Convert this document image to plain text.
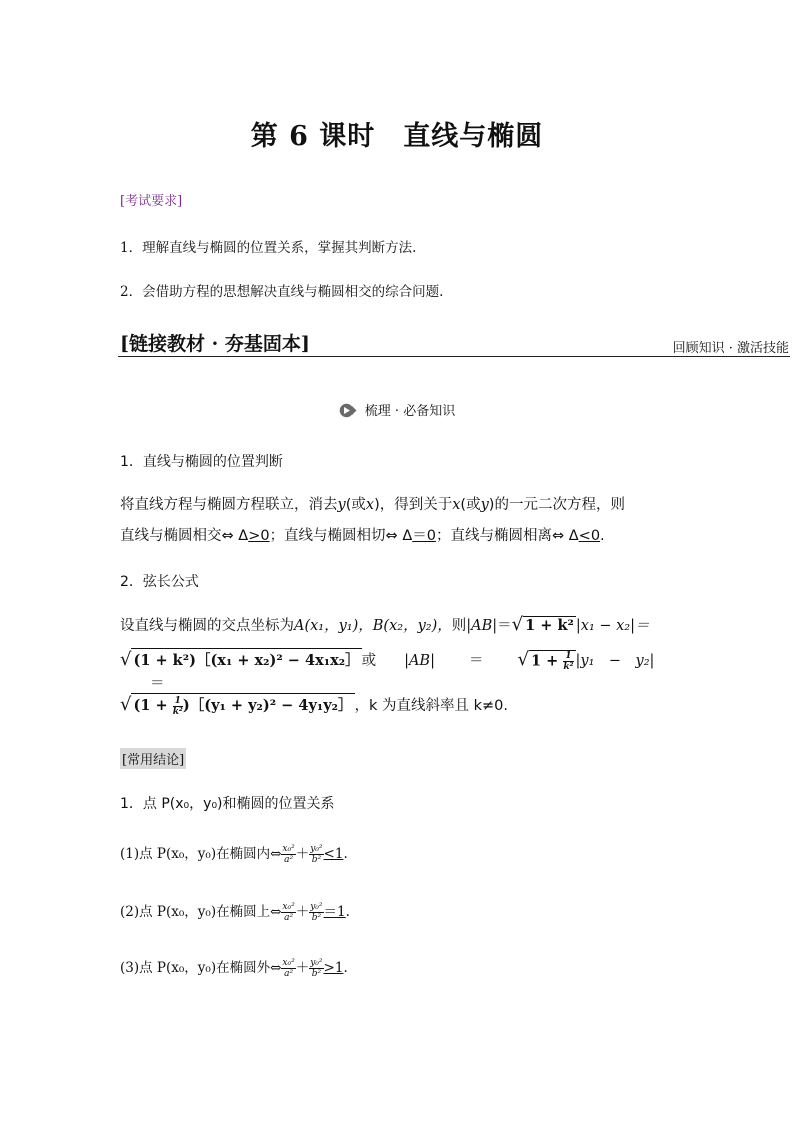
第 6 课时　直线与椭圆
[考试要求]
1．理解直线与椭圆的位置关系，掌握其判断方法.
2．会借助方程的思想解决直线与椭圆相交的综合问题.
[链接教材 · 夯基固本]	回顾知识 · 激活技能
梳理 · 必备知识
1．直线与椭圆的位置判断
将直线方程与椭圆方程联立，消去y(或x)，得到关于x(或y)的一元二次方程，则
直线与椭圆相交⇔ Δ>0；直线与椭圆相切⇔ Δ＝0；直线与椭圆相离⇔ Δ<0.
2．弦长公式
设直线与椭圆的交点坐标为A(x₁，y₁)，B(x₂，y₂)，则|AB|＝√ 1 + k² |x₁ − x₂|＝
√ (1 + k²)［(x₁ + x₂)² − 4x₁x₂］ 或 |AB| ＝ √ $1 + \frac{1}{\text{k²}} |y_1$　−　y₂|＝
√ ($1 + \frac{1}{\text{k²}}$ )［(y₁ + y₂)² − 4y₁y₂］ ，k 为直线斜率且 k≠0.
[常用结论]
1．点 P(x₀，y₀)和椭圆的位置关系
(1)点 P(x₀，y₀)在椭圆内⇔ $\frac{\text{x₀²}}{\text{a²}} + \frac{\text{y₀²}}{\text{b²}} <1$.
(2)点 P(x₀，y₀)在椭圆上⇔ $\frac{\text{x₀²}}{\text{a²}} + \frac{\text{y₀²}}{\text{b²}} =1$.
(3)点 P(x₀，y₀)在椭圆外⇔ $\frac{\text{x₀²}}{\text{a²}} + \frac{\text{y₀²}}{\text{b²}} >1$.
